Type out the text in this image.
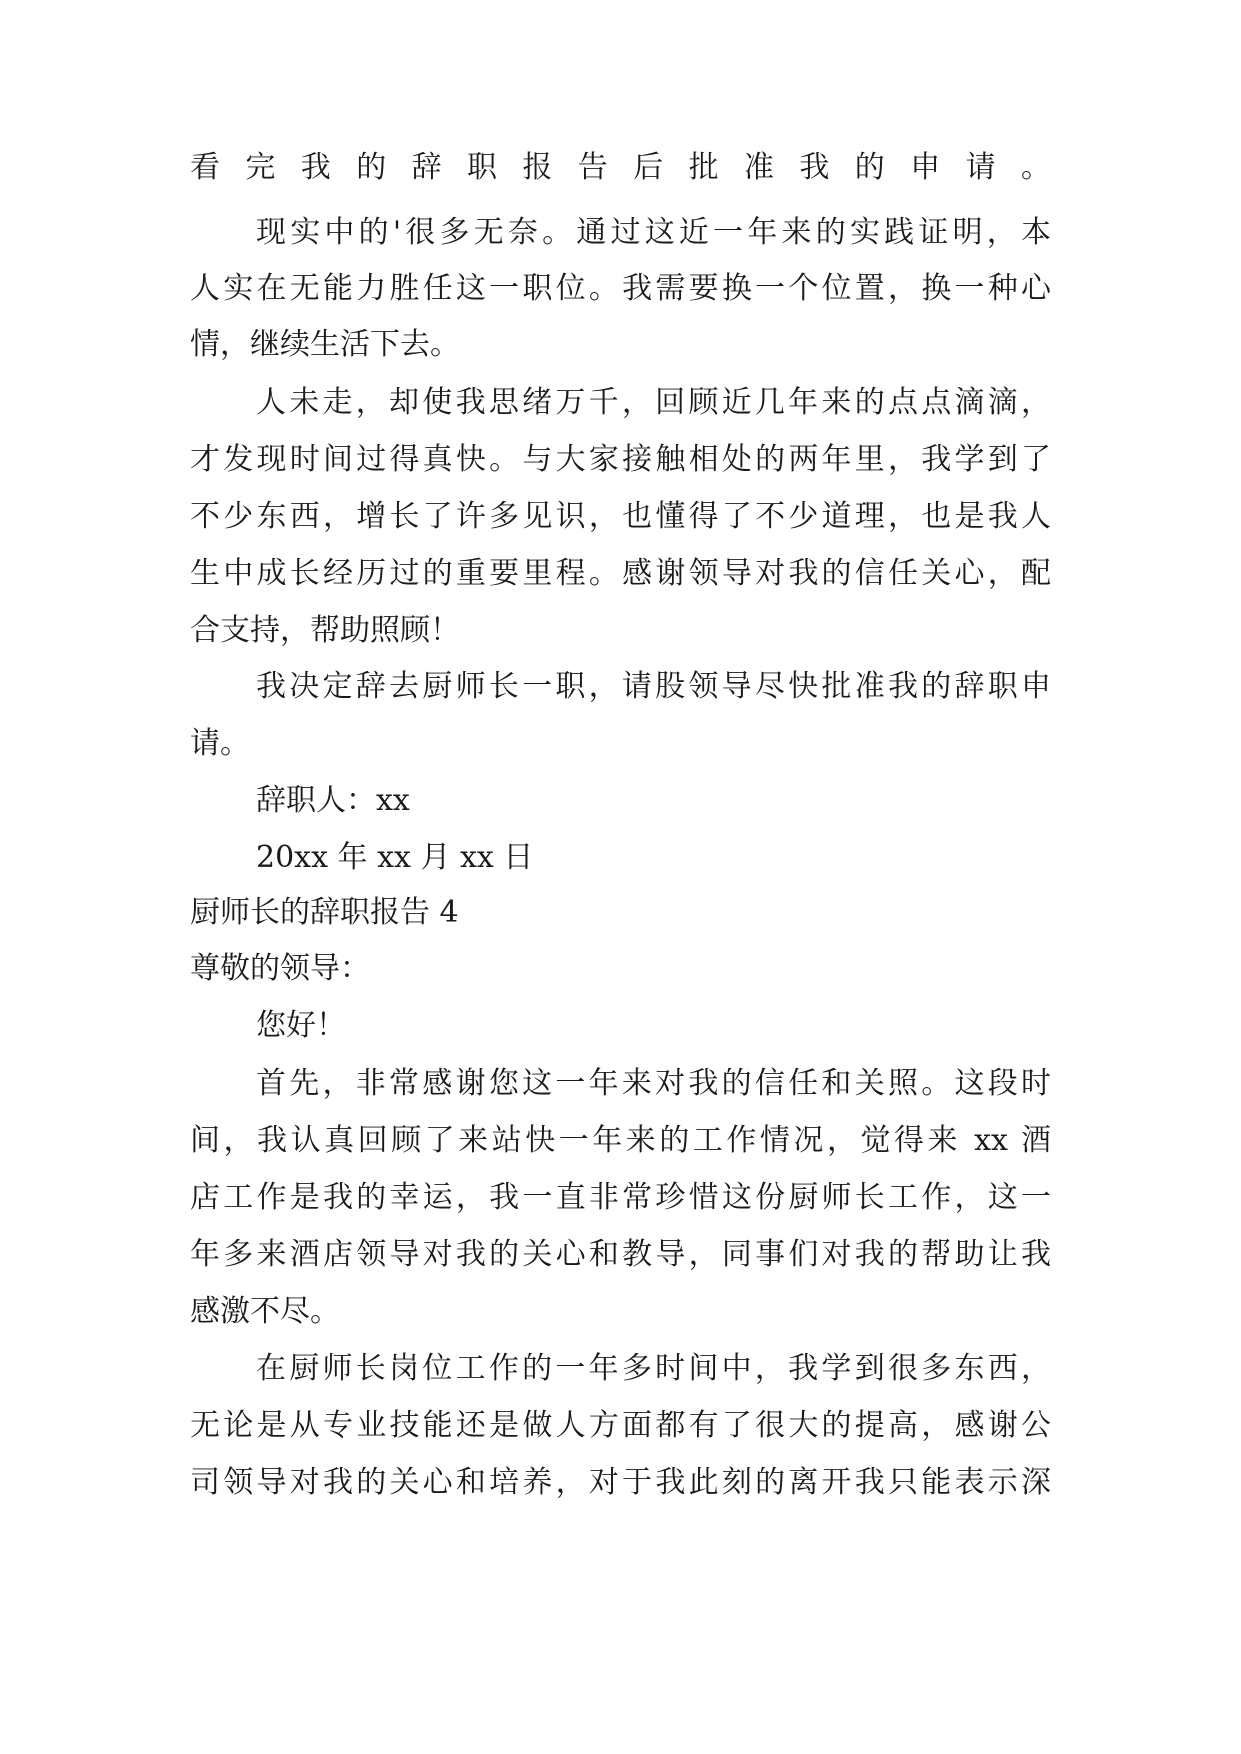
看完我的辞职报告后批准我的申请。
现实中的'很多无奈。通过这近一年来的实践证明，本
人实在无能力胜任这一职位。我需要换一个位置，换一种心
情，继续生活下去。
人未走，却使我思绪万千，回顾近几年来的点点滴滴，
才发现时间过得真快。与大家接触相处的两年里，我学到了
不少东西，增长了许多见识，也懂得了不少道理，也是我人
生中成长经历过的重要里程。感谢领导对我的信任关心，配
合支持，帮助照顾！
我决定辞去厨师长一职，请股领导尽快批准我的辞职申
请。
辞职人：xx
20xx 年 xx 月 xx 日
厨师长的辞职报告 4
尊敬的领导：
您好！
首先，非常感谢您这一年来对我的信任和关照。这段时
间，我认真回顾了来站快一年来的工作情况，觉得来 xx 酒
店工作是我的幸运，我一直非常珍惜这份厨师长工作，这一
年多来酒店领导对我的关心和教导，同事们对我的帮助让我
感激不尽。
在厨师长岗位工作的一年多时间中，我学到很多东西，
无论是从专业技能还是做人方面都有了很大的提高，感谢公
司领导对我的关心和培养，对于我此刻的离开我只能表示深
